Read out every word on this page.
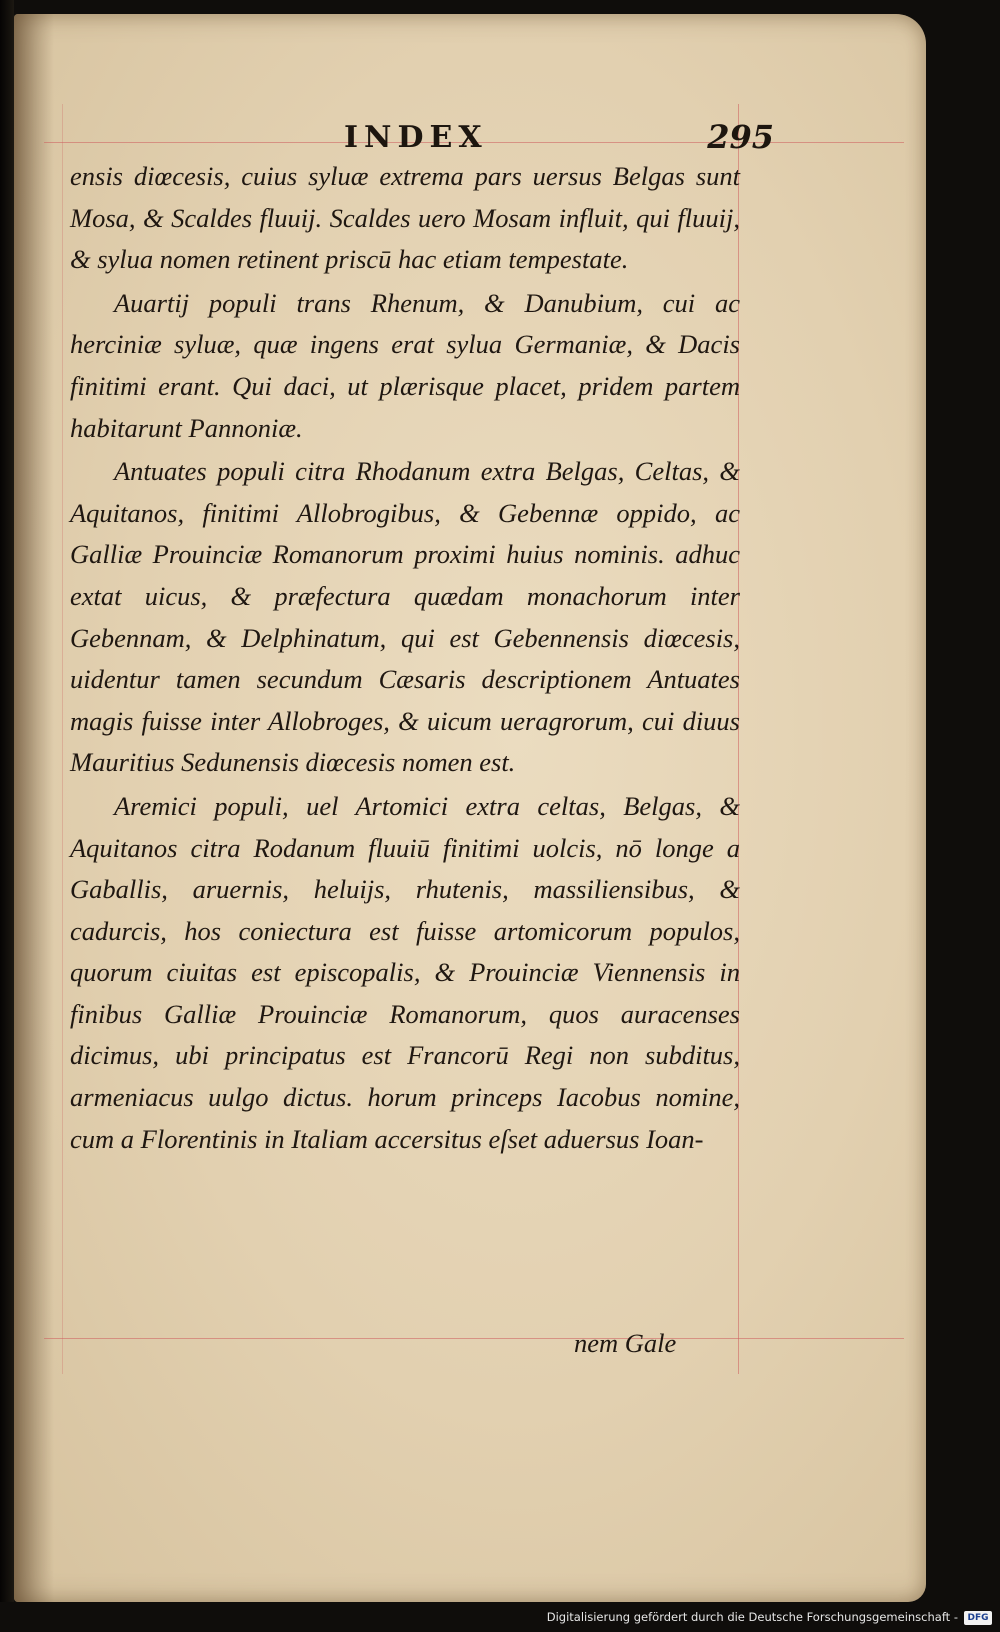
INDEX	295

ensis diœcesis, cuius syluæ extrema pars uersus Belgas sunt Mosa, & Scaldes fluuij. Scaldes uero Mosam influit, qui fluuij, & sylua nomen retinent priscū hac etiam tempestate.

Auartij populi trans Rhenum, & Danubium, cui ac herciniæ syluæ, quæ ingens erat sylua Germaniæ, & Dacis finitimi erant. Qui daci, ut plærisque placet, pridem partem habitarunt Pannoniæ.

Antuates populi citra Rhodanum extra Belgas, Celtas, & Aquitanos, finitimi Allobrogibus, & Gebennæ oppido, ac Galliæ Prouinciæ Romanorum proximi huius nominis. adhuc extat uicus, & præfectura quædam monachorum inter Gebennam, & Delphinatum, qui est Gebennensis diœcesis, uidentur tamen secundum Cæsaris descriptionem Antuates magis fuisse inter Allobroges, & uicum ueragrorum, cui diuus Mauritius Sedunensis diœcesis nomen est.

Aremici populi, uel Artomici extra celtas, Belgas, & Aquitanos citra Rodanum fluuiū finitimi uolcis, nō longe a Gaballis, aruernis, heluijs, rhutenis, massiliensibus, & cadurcis, hos coniectura est fuisse artomicorum populos, quorum ciuitas est episcopalis, & Prouinciæ Viennensis in finibus Galliæ Prouinciæ Romanorum, quos auracenses dicimus, ubi principatus est Francorū Regi non subditus, armeniacus uulgo dictus. horum princeps Iacobus nomine, cum a Florentinis in Italiam accersitus eſset aduersus Ioan-

nem Gale
Digitalisierung gefördert durch die Deutsche Forschungsgemeinschaft -	DFG
